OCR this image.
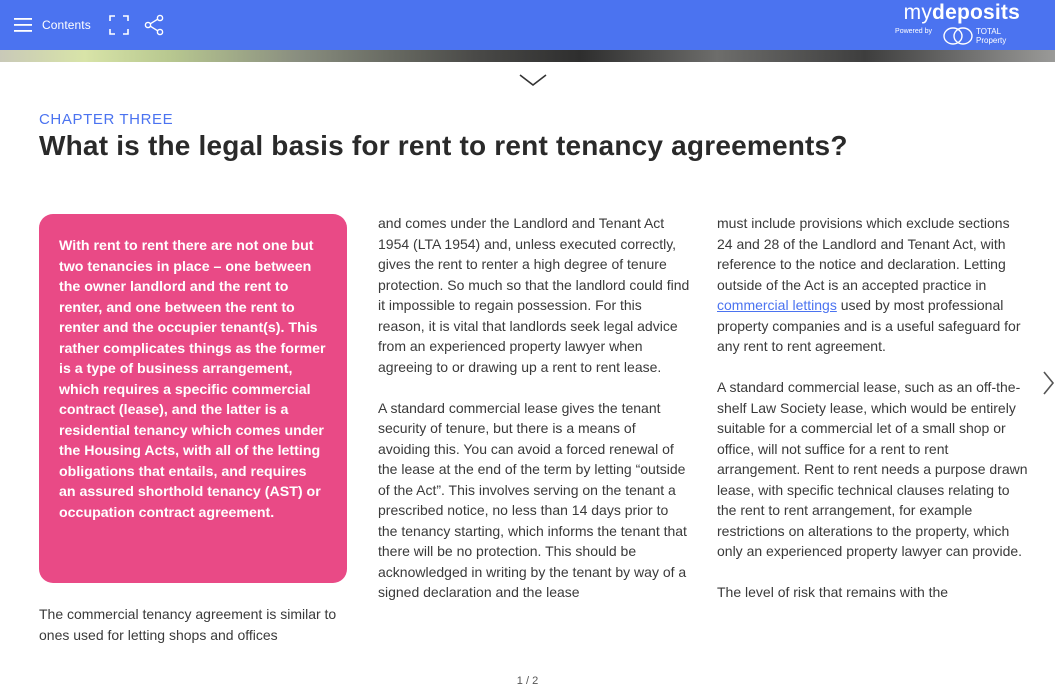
Contents
mydeposits
Powered by	TOTAL
Property
CHAPTER THREE
What is the legal basis for rent to rent tenancy agreements?

With rent to rent there are not one but two tenancies in place – one between the owner landlord and the rent to renter, and one between the rent to renter and the occupier tenant(s). This rather complicates things as the former is a type of business arrangement, which requires a specific commercial contract (lease), and the latter is a residential tenancy which comes under the Housing Acts, with all of the letting obligations that entails, and requires an assured shorthold tenancy (AST) or occupation contract agreement.

The commercial tenancy agreement is similar to ones used for letting shops and offices

and comes under the Landlord and Tenant Act 1954 (LTA 1954) and, unless executed correctly, gives the rent to renter a high degree of tenure protection. So much so that the landlord could find it impossible to regain possession. For this reason, it is vital that landlords seek legal advice from an experienced property lawyer when agreeing to or drawing up a rent to rent lease.

A standard commercial lease gives the tenant security of tenure, but there is a means of avoiding this. You can avoid a forced renewal of the lease at the end of the term by letting “outside of the Act”. This involves serving on the tenant a prescribed notice, no less than 14 days prior to the tenancy starting, which informs the tenant that there will be no protection. This should be acknowledged in writing by the tenant by way of a signed declaration and the lease

must include provisions which exclude sections 24 and 28 of the Landlord and Tenant Act, with reference to the notice and declaration. Letting outside of the Act is an accepted practice in commercial lettings used by most professional property companies and is a useful safeguard for any rent to rent agreement.

A standard commercial lease, such as an off-the-shelf Law Society lease, which would be entirely suitable for a commercial let of a small shop or office, will not suffice for a rent to rent arrangement. Rent to rent needs a purpose drawn lease, with specific technical clauses relating to the rent to rent arrangement, for example restrictions on alterations to the property, which only an experienced property lawyer can provide.

The level of risk that remains with the

1 / 2
